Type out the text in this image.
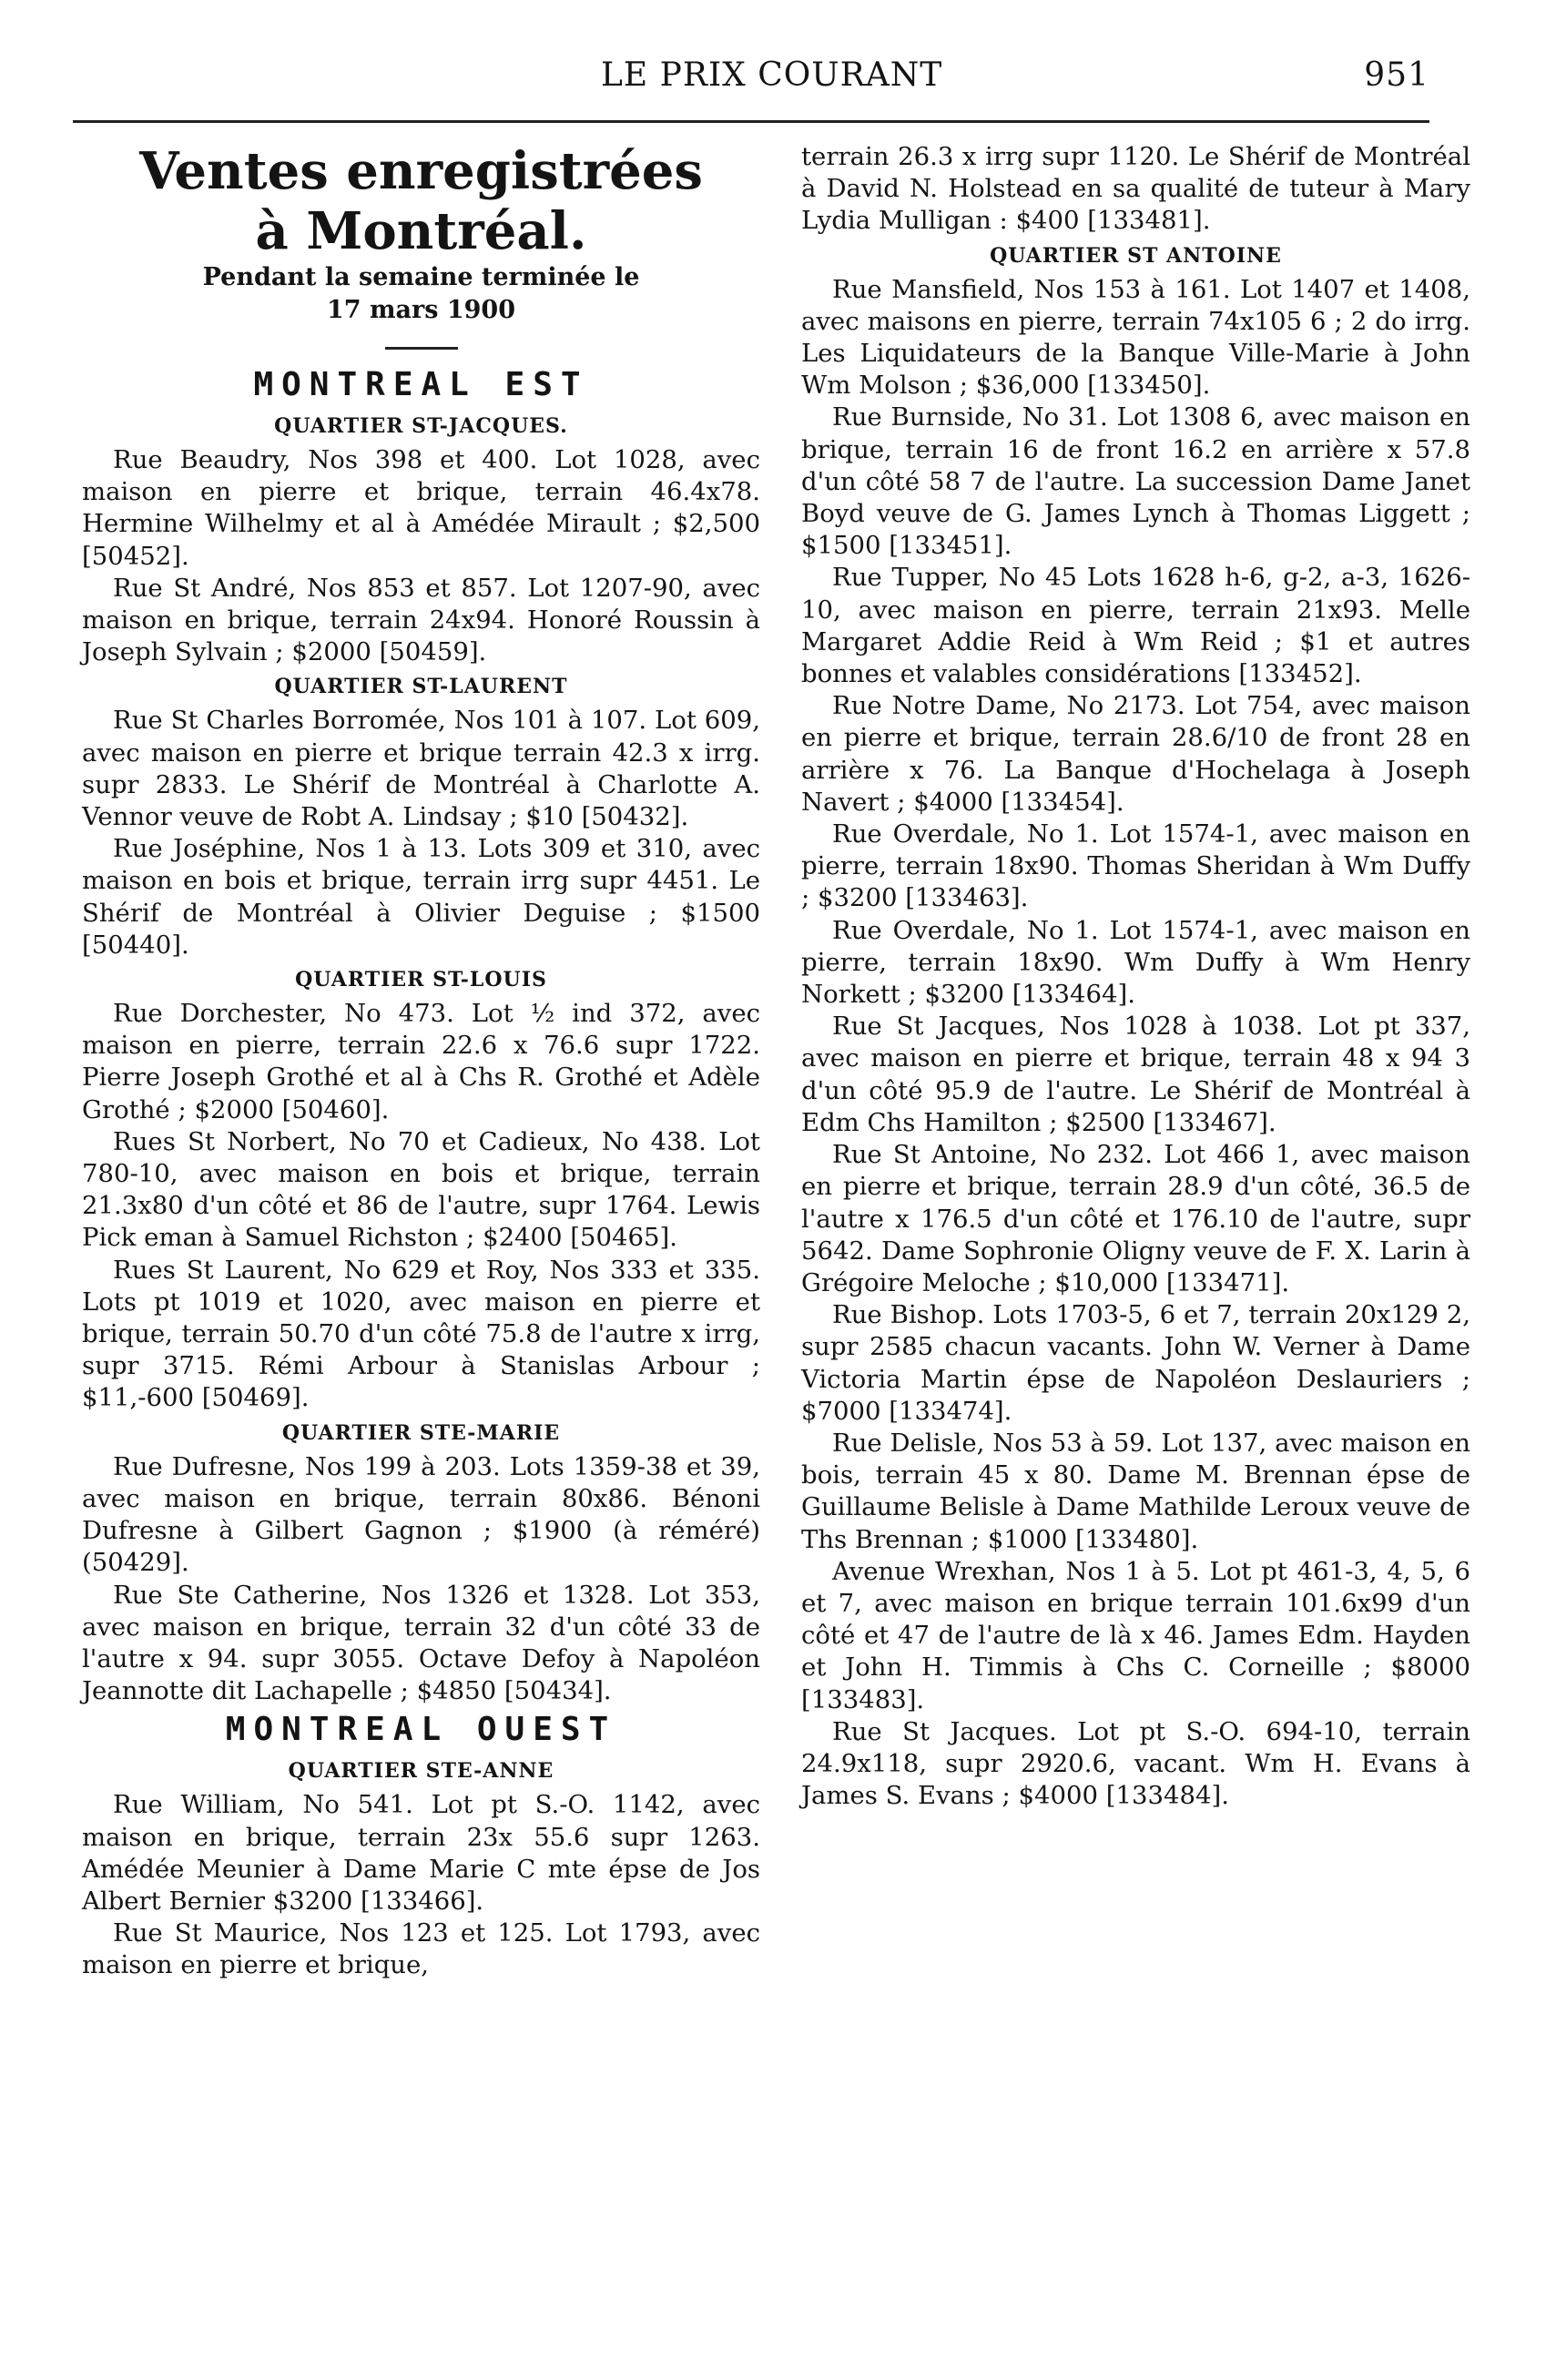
LE PRIX COURANT	951
Ventes enregistrées
à Montréal.
Pendant la semaine terminée le
17 mars 1900
MONTREAL EST
QUARTIER ST-JACQUES.

Rue Beaudry, Nos 398 et 400. Lot 1028, avec maison en pierre et brique, terrain 46.4x78. Hermine Wilhelmy et al à Amédée Mirault ; $2,500 [50452].

Rue St André, Nos 853 et 857. Lot 1207-90, avec maison en brique, terrain 24x94. Honoré Roussin à Joseph Sylvain ; $2000 [50459].

QUARTIER ST-LAURENT

Rue St Charles Borromée, Nos 101 à 107. Lot 609, avec maison en pierre et brique terrain 42.3 x irrg. supr 2833. Le Shérif de Montréal à Charlotte A. Vennor veuve de Robt A. Lindsay ; $10 [50432].

Rue Joséphine, Nos 1 à 13. Lots 309 et 310, avec maison en bois et brique, terrain irrg supr 4451. Le Shérif de Montréal à Olivier Deguise ; $1500 [50440].

QUARTIER ST-LOUIS

Rue Dorchester, No 473. Lot ½ ind 372, avec maison en pierre, terrain 22.6 x 76.6 supr 1722. Pierre Joseph Grothé et al à Chs R. Grothé et Adèle Grothé ; $2000 [50460].

Rues St Norbert, No 70 et Cadieux, No 438. Lot 780-10, avec maison en bois et brique, terrain 21.3x80 d'un côté et 86 de l'autre, supr 1764. Lewis Pick eman à Samuel Richston ; $2400 [50465].

Rues St Laurent, No 629 et Roy, Nos 333 et 335. Lots pt 1019 et 1020, avec maison en pierre et brique, terrain 50.70 d'un côté 75.8 de l'autre x irrg, supr 3715. Rémi Arbour à Stanislas Arbour ; $11,-600 [50469].

QUARTIER STE-MARIE

Rue Dufresne, Nos 199 à 203. Lots 1359-38 et 39, avec maison en brique, terrain 80x86. Bénoni Dufresne à Gilbert Gagnon ; $1900 (à réméré) (50429].

Rue Ste Catherine, Nos 1326 et 1328. Lot 353, avec maison en brique, terrain 32 d'un côté 33 de l'autre x 94. supr 3055. Octave Defoy à Napoléon Jeannotte dit Lachapelle ; $4850 [50434].

MONTREAL OUEST
QUARTIER STE-ANNE

Rue William, No 541. Lot pt S.-O. 1142, avec maison en brique, terrain 23x 55.6 supr 1263. Amédée Meunier à Dame Marie C mte épse de Jos Albert Bernier $3200 [133466].

Rue St Maurice, Nos 123 et 125. Lot 1793, avec maison en pierre et brique,

terrain 26.3 x irrg supr 1120. Le Shérif de Montréal à David N. Holstead en sa qualité de tuteur à Mary Lydia Mulligan : $400 [133481].

QUARTIER ST ANTOINE

Rue Mansfield, Nos 153 à 161. Lot 1407 et 1408, avec maisons en pierre, terrain 74x105 6 ; 2 do irrg. Les Liquidateurs de la Banque Ville-Marie à John Wm Molson ; $36,000 [133450].

Rue Burnside, No 31. Lot 1308 6, avec maison en brique, terrain 16 de front 16.2 en arrière x 57.8 d'un côté 58 7 de l'autre. La succession Dame Janet Boyd veuve de G. James Lynch à Thomas Liggett ; $1500 [133451].

Rue Tupper, No 45 Lots 1628 h-6, g-2, a-3, 1626-10, avec maison en pierre, terrain 21x93. Melle Margaret Addie Reid à Wm Reid ; $1 et autres bonnes et valables considérations [133452].

Rue Notre Dame, No 2173. Lot 754, avec maison en pierre et brique, terrain 28.6/10 de front 28 en arrière x 76. La Banque d'Hochelaga à Joseph Navert ; $4000 [133454].

Rue Overdale, No 1. Lot 1574-1, avec maison en pierre, terrain 18x90. Thomas Sheridan à Wm Duffy ; $3200 [133463].

Rue Overdale, No 1. Lot 1574-1, avec maison en pierre, terrain 18x90. Wm Duffy à Wm Henry Norkett ; $3200 [133464].

Rue St Jacques, Nos 1028 à 1038. Lot pt 337, avec maison en pierre et brique, terrain 48 x 94 3 d'un côté 95.9 de l'autre. Le Shérif de Montréal à Edm Chs Hamilton ; $2500 [133467].

Rue St Antoine, No 232. Lot 466 1, avec maison en pierre et brique, terrain 28.9 d'un côté, 36.5 de l'autre x 176.5 d'un côté et 176.10 de l'autre, supr 5642. Dame Sophronie Oligny veuve de F. X. Larin à Grégoire Meloche ; $10,000 [133471].

Rue Bishop. Lots 1703-5, 6 et 7, terrain 20x129 2, supr 2585 chacun vacants. John W. Verner à Dame Victoria Martin épse de Napoléon Deslauriers ; $7000 [133474].

Rue Delisle, Nos 53 à 59. Lot 137, avec maison en bois, terrain 45 x 80. Dame M. Brennan épse de Guillaume Belisle à Dame Mathilde Leroux veuve de Ths Brennan ; $1000 [133480].

Avenue Wrexhan, Nos 1 à 5. Lot pt 461-3, 4, 5, 6 et 7, avec maison en brique terrain 101.6x99 d'un côté et 47 de l'autre de là x 46. James Edm. Hayden et John H. Timmis à Chs C. Corneille ; $8000 [133483].

Rue St Jacques. Lot pt S.-O. 694-10, terrain 24.9x118, supr 2920.6, vacant. Wm H. Evans à James S. Evans ; $4000 [133484].
